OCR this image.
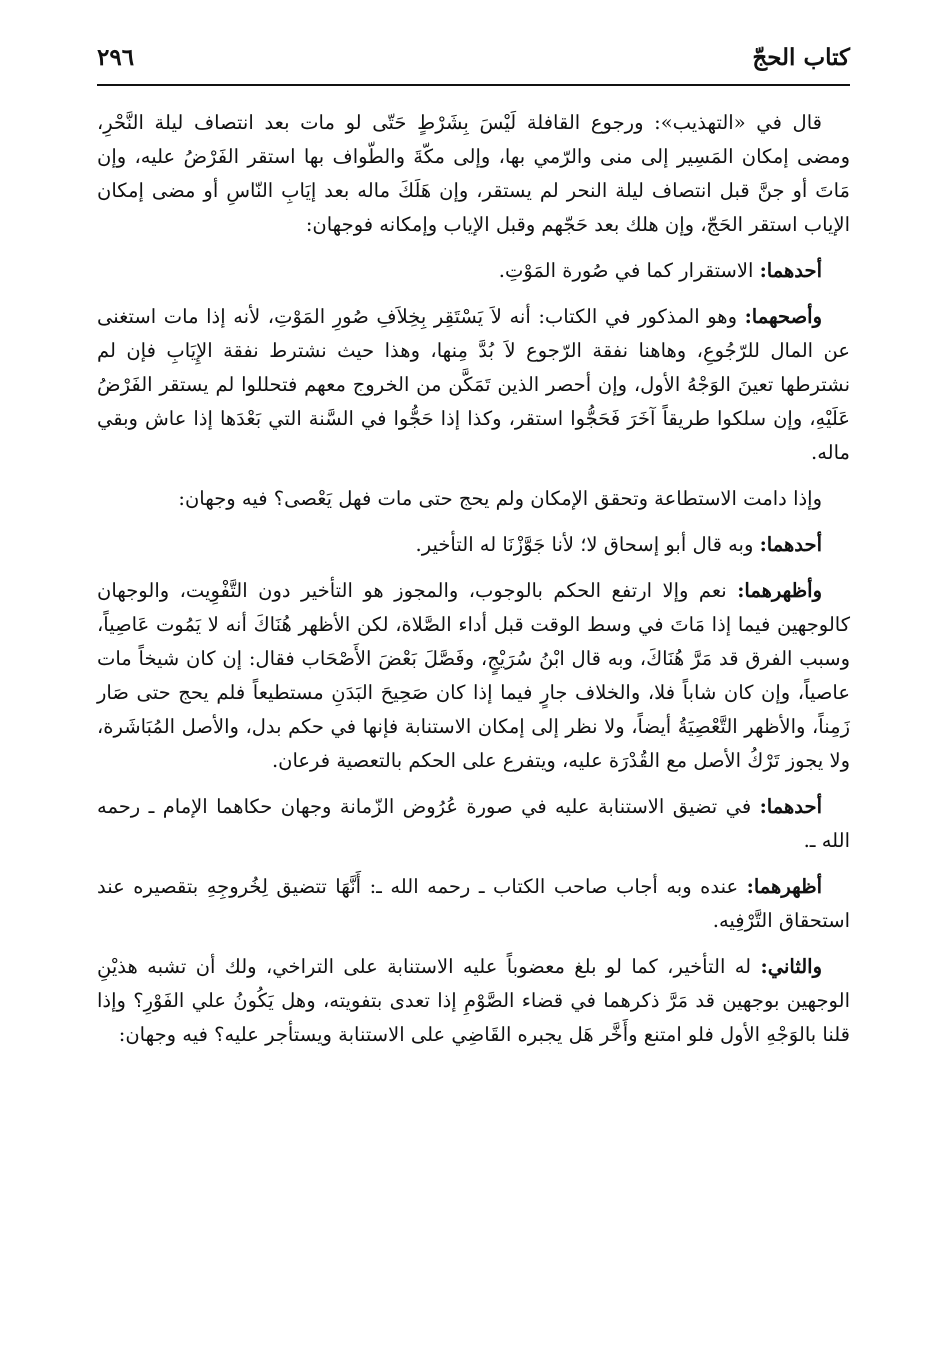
كتاب الحجّ
٢٩٦

قال في «التهذيب»: ورجوع القافلة لَيْسَ بِشَرْطٍ حَتّى لو مات بعد انتصاف ليلة النَّحْرِ، ومضى إمكان المَسِير إلى منى والرّمي بها، وإلى مكّةَ والطّواف بها استقر الفَرْضُ عليه، وإن مَاتَ أو جنَّ قبل انتصاف ليلة النحر لم يستقر، وإن هَلَكَ ماله بعد إيَابِ النّاسِ أو مضى إمكان الإياب استقر الحَجّ، وإن هلك بعد حَجّهم وقبل الإياب وإمكانه فوجهان:

أحدهما: الاستقرار كما في صُورة المَوْتِ.

وأصحهما: وهو المذكور في الكتاب: أنه لاَ يَسْتَقِر بِخِلاَفِ صُورِ المَوْتِ، لأنه إذا مات استغنى عن المال للرّجُوعِ، وهاهنا نفقة الرّجوع لاَ بُدَّ مِنها، وهذا حيث نشترط نفقة الإِيَابِ فإن لم نشترطها تعينَ الوَجْهُ الأول، وإن أحصر الذين تَمَكَّن من الخروج معهم فتحللوا لم يستقر الفَرْضُ عَلَيْهِ، وإن سلكوا طريقاً آخَرَ فَحَجُّوا استقر، وكذا إذا حَجُّوا في السَّنة التي بَعْدَها إذا عاش وبقي ماله.

وإذا دامت الاستطاعة وتحقق الإمكان ولم يحج حتى مات فهل يَعْصى؟ فيه وجهان:

أحدهما: وبه قال أبو إسحاق لا؛ لأنا جَوَّزْنَا له التأخير.

وأظهرهما: نعم وإلا ارتفع الحكم بالوجوب، والمجوز هو التأخير دون التَّفْوِيت، والوجهان كالوجهين فيما إذا مَاتَ في وسط الوقت قبل أداء الصَّلاة، لكن الأظهر هُنَاكَ أنه لا يَمُوت عَاصِياً، وسبب الفرق قد مَرَّ هُنَاكَ، وبه قال ابْنُ سُرَيْجٍ، وفَصَّلَ بَعْضَ الأَصْحَاب فقال: إن كان شيخاً مات عاصياً، وإن كان شاباً فلا، والخلاف جارٍ فيما إذا كان صَحِيحَ البَدَنِ مستطيعاً فلم يحج حتى صَار زَمِناً، والأظهر التَّعْصِيَةُ أيضاً، ولا نظر إلى إمكان الاستنابة فإنها في حكم بدل، والأصل المُبَاشَرة، ولا يجوز تَرْكُ الأصل مع القُدْرَة عليه، ويتفرع على الحكم بالتعصية فرعان.

أحدهما: في تضيق الاستنابة عليه في صورة عُرُوض الزّمانة وجهان حكاهما الإمام ـ رحمه الله ـ.

أظهرهما: عنده وبه أجاب صاحب الكتاب ـ رحمه الله ـ: أَنَّهَا تتضيق لِخُروجِهِ بتقصيره عند استحقاق التَّرْفِيه.

والثاني: له التأخير، كما لو بلغ معضوباً عليه الاستنابة على التراخي، ولك أن تشبه هذيْنِ الوجهين بوجهين قد مَرَّ ذكرهما في قضاء الصَّوْمِ إذا تعدى بتفويته، وهل يَكُونُ علي الفَوْرِ؟ وإذا قلنا بالوَجْهِ الأول فلو امتنع وأَخَّر هَل يجبره القَاضِي على الاستنابة ويستأجر عليه؟ فيه وجهان:
